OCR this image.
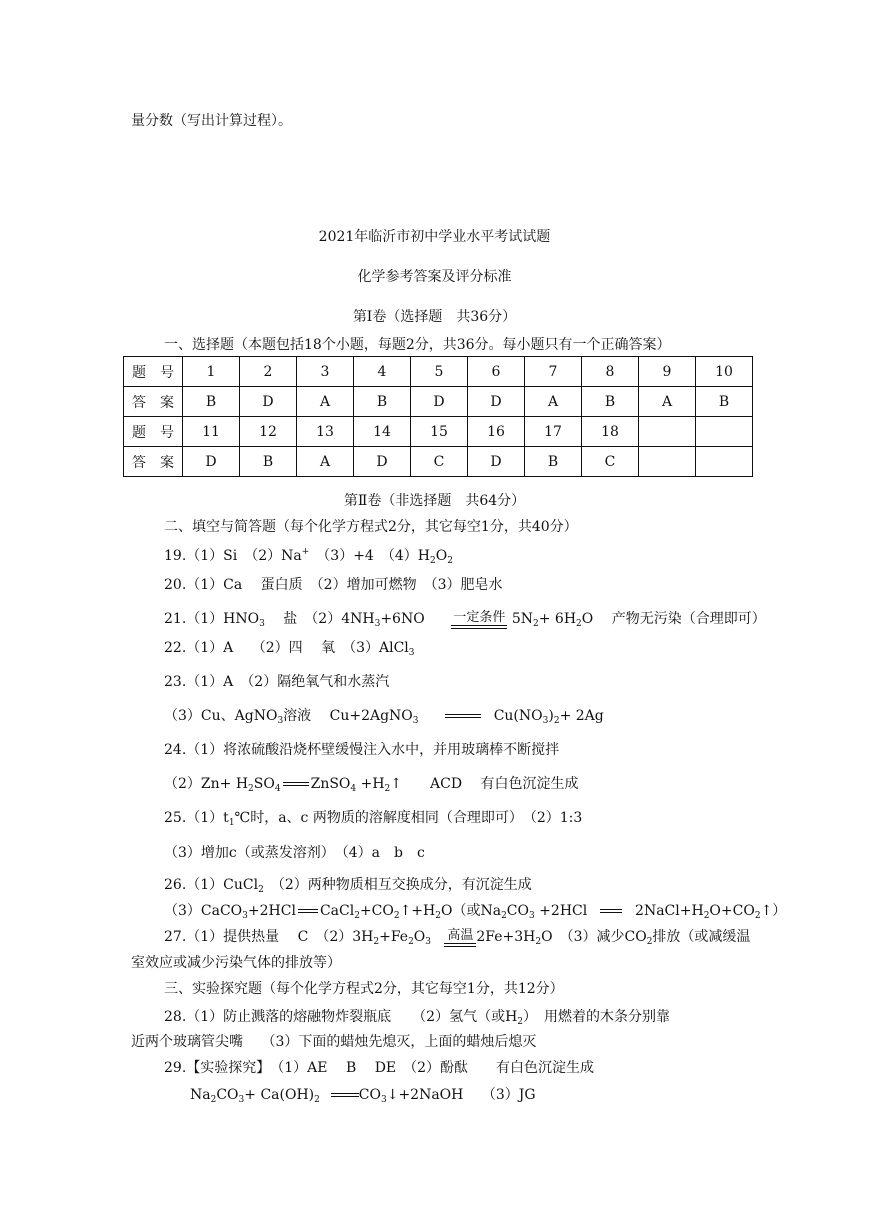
量分数（写出计算过程）。
2021年临沂市初中学业水平考试试题
化学参考答案及评分标准
第Ⅰ卷（选择题　共36分）
一、选择题（本题包括18个小题，每题2分，共36分。每小题只有一个正确答案）
题　号	1	2	3	4	5	6	7	8	9	10
答　案	B	D	A	B	D	D	A	B	A	B
题　号	11	12	13	14	15	16	17	18		
答　案	D	B	A	D	C	D	B	C		
第Ⅱ卷（非选择题　共64分）
二、填空与简答题（每个化学方程式2分，其它每空1分，共40分）
19.（1）Si　（2）Na+　（3）+4　$(4)H_2O_2$
20.（1）Ca　 蛋白质　（2）增加可燃物　（3）肥皂水
$21.(1)HNO_3$　 盐　$(2)4NH_3+6NO$ 一定条件 $5N_2+ 6H_2O$　 产物无污染（合理即可）
22.（1）A　 （2）四　 氧　（3）AlCl$_3$
23.（1）A　（2）隔绝氧气和水蒸汽
（3）Cu、AgNO$_3$溶液　 Cu+2AgNO$_3$	$Cu(NO_3)_2+ 2Ag$
24.（1）将浓硫酸沿烧杯壁缓慢注入水中，并用玻璃棒不断搅拌
$(2)Zn+ H_2SO_4$ ZnSO$_4$ $+H_2↑$　　ACD　 有白色沉淀生成
$25.(1)t_1℃$时，a、c 两物质的溶解度相同（合理即可）　（2）1:3
（3）增加c（或蒸发溶剂）　（4）a　b　c
26.（1）CuCl$_2$　（2）两种物质相互交换成分，有沉淀生成
（3）CaCO$_3$+2HCl $CaCl_2+CO_2↑+H_2O$（或$Na_2CO_3 +2HCl$	$2NaCl+H_2O+CO_2↑$）
27.（1）提供热量　 C　$(2)3H_2+Fe_2O_3$ 高温 $2Fe+3H_2O$　（3）减少$CO_2$排放（或减缓温
室效应或减少污染气体的排放等）
三、实验探究题（每个化学方程式2分，其它每空1分，共12分）
28.（1）防止溅落的熔融物炸裂瓶底　　（2）氢气（或$H_2$）　用燃着的木条分别靠
近两个玻璃管尖嘴　 （3）下面的蜡烛先熄灭，上面的蜡烛后熄灭
29.【实验探究】　（1）AE　 B　 DE　（2）酚酞　　有白色沉淀生成
$Na_2CO_3+ Ca(OH)_2$	$CO_3↓+2NaOH$　 （3）JG
